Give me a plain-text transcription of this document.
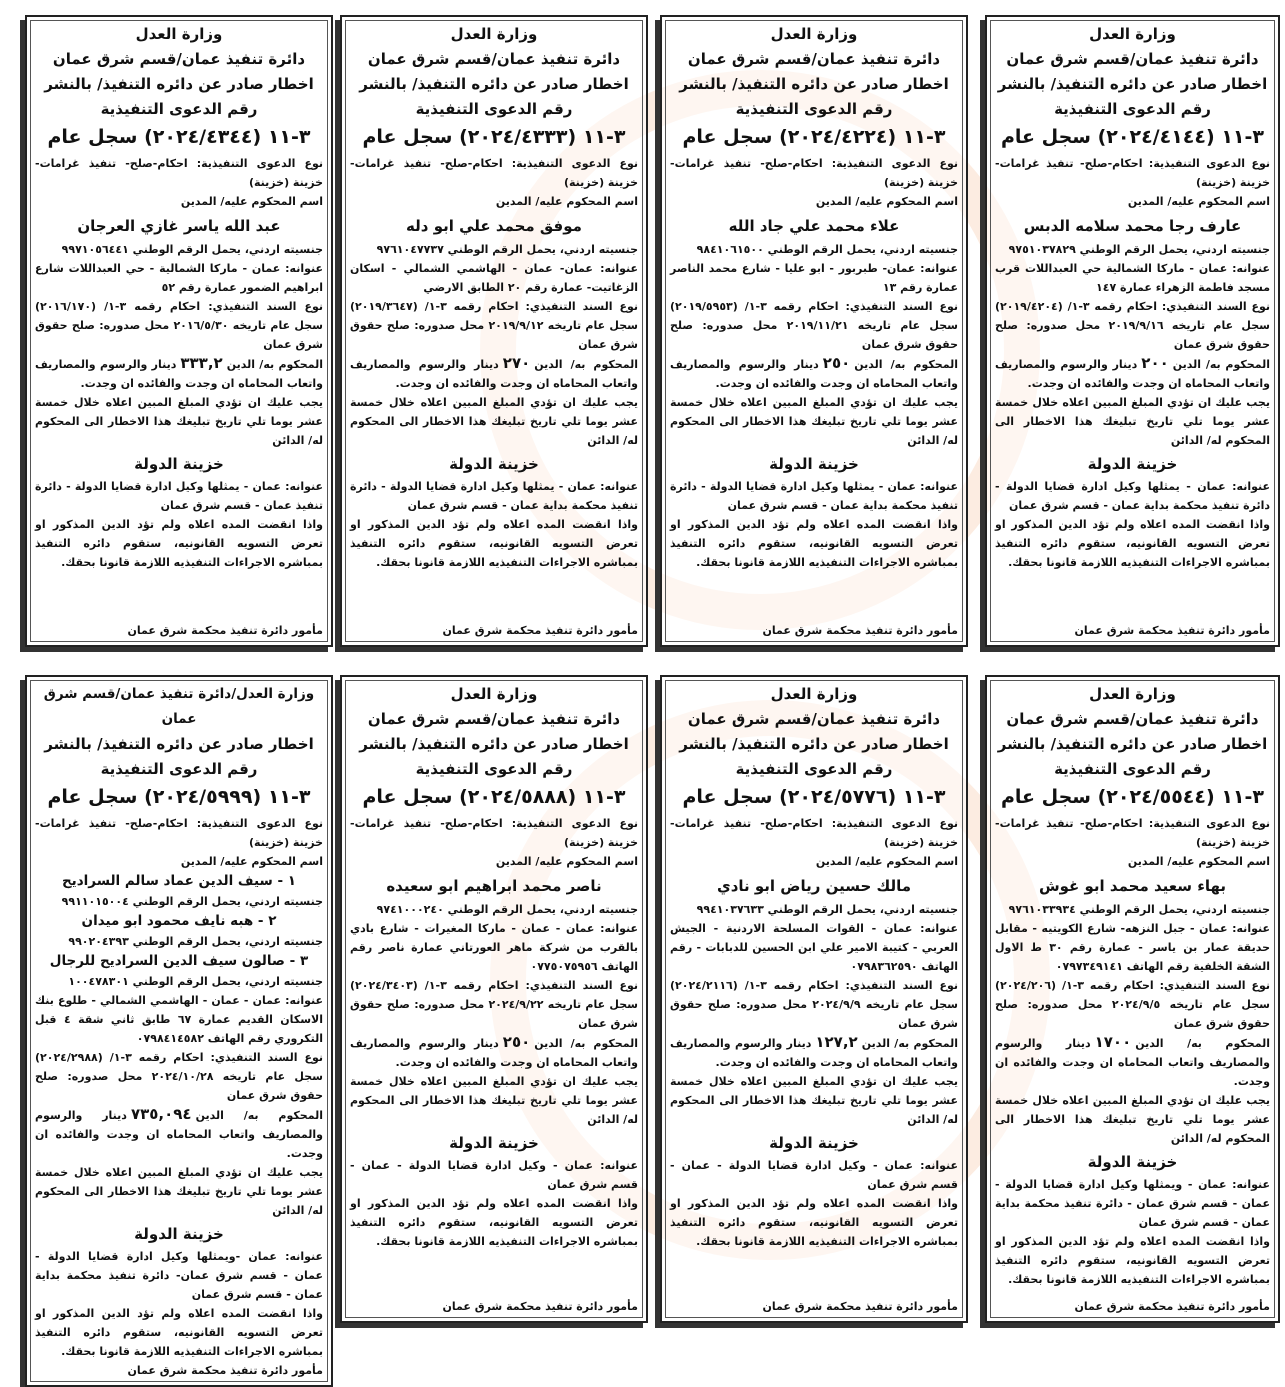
وزارة العدل
دائرة تنفيذ عمان/قسم شرق عمان
اخطار صادر عن دائره التنفيذ/ بالنشر
رقم الدعوى التنفيذية
٣-١١ (٢٠٢٤/٤١٤٤) سجل عام
نوع الدعوى التنفيذية: احكام-صلح- تنفيذ غرامات- خزينة (خزينة)
اسم المحكوم عليه/ المدين
عارف رجا محمد سلامه الدبس
جنسيته اردني، يحمل الرقم الوطني ٩٧٥١٠٣٧٨٢٩
عنوانه: عمان - ماركا الشمالية حي العبداللات قرب مسجد فاطمة الزهراء عمارة ١٤٧
نوع السند التنفيذي: احكام رقمه ٣-١/ (٢٠١٩/٤٢٠٤) سجل عام تاريخه ٢٠١٩/٩/١٦ محل صدوره: صلح حقوق شرق عمان
المحكوم به/ الدين٢٠٠دينار والرسوم والمصاريف واتعاب المحاماه ان وجدت والفائده ان وجدت.
يجب عليك ان تؤدي المبلغ المبين اعلاه خلال خمسة عشر يوما تلي تاريخ تبليغك هذا الاخطار الى المحكوم له/ الدائن
خزينة الدولة
عنوانه: عمان - يمثلها وكيل ادارة قضايا الدولة - دائرة تنفيذ محكمة بداية عمان - قسم شرق عمان
واذا انقضت المده اعلاه ولم تؤد الدين المذكور او تعرض التسويه القانونيه، ستقوم دائره التنفيذ بمباشره الاجراءات التنفيذيه اللازمة قانونا بحقك.
مأمور دائرة تنفيذ محكمة شرق عمان
وزارة العدل
دائرة تنفيذ عمان/قسم شرق عمان
اخطار صادر عن دائره التنفيذ/ بالنشر
رقم الدعوى التنفيذية
٣-١١ (٢٠٢٤/٤٢٢٤) سجل عام
نوع الدعوى التنفيذية: احكام-صلح- تنفيذ غرامات- خزينة (خزينة)
اسم المحكوم عليه/ المدين
علاء محمد علي جاد الله
جنسيته اردني، يحمل الرقم الوطني ٩٨٤١٠٦١٥٠٠
عنوانه: عمان- طبربور - ابو عليا - شارع محمد الناصر عمارة رقم ١٣
نوع السند التنفيذي: احكام رقمه ٣-١/ (٢٠١٩/٥٩٥٣) سجل عام تاريخه ٢٠١٩/١١/٢١ محل صدوره: صلح حقوق شرق عمان
المحكوم به/ الدين٢٥٠دينار والرسوم والمصاريف واتعاب المحاماه ان وجدت والفائده ان وجدت.
يجب عليك ان تؤدي المبلغ المبين اعلاه خلال خمسة عشر يوما تلي تاريخ تبليغك هذا الاخطار الى المحكوم له/ الدائن
خزينة الدولة
عنوانه: عمان - يمثلها وكيل ادارة قضايا الدولة - دائرة تنفيذ محكمة بداية عمان - قسم شرق عمان
واذا انقضت المده اعلاه ولم تؤد الدين المذكور او تعرض التسويه القانونيه، ستقوم دائره التنفيذ بمباشره الاجراءات التنفيذيه اللازمة قانونا بحقك.
مأمور دائرة تنفيذ محكمة شرق عمان
وزارة العدل
دائرة تنفيذ عمان/قسم شرق عمان
اخطار صادر عن دائره التنفيذ/ بالنشر
رقم الدعوى التنفيذية
٣-١١ (٢٠٢٤/٤٣٣٣) سجل عام
نوع الدعوى التنفيذية: احكام-صلح- تنفيذ غرامات- خزينة (خزينة)
اسم المحكوم عليه/ المدين
موفق محمد علي ابو دله
جنسيته اردني، يحمل الرقم الوطني ٩٧٦١٠٤٧٧٣٧
عنوانه: عمان- عمان - الهاشمي الشمالي - اسكان الزغاتيت- عمارة رقم ٢٠ الطابق الارضي
نوع السند التنفيذي: احكام رقمه ٣-١/ (٢٠١٩/٣٦٤٧) سجل عام تاريخه ٢٠١٩/٩/١٢ محل صدوره: صلح حقوق شرق عمان
المحكوم به/ الدين٢٧٠دينار والرسوم والمصاريف واتعاب المحاماه ان وجدت والفائده ان وجدت.
يجب عليك ان تؤدي المبلغ المبين اعلاه خلال خمسة عشر يوما تلي تاريخ تبليغك هذا الاخطار الى المحكوم له/ الدائن
خزينة الدولة
عنوانه: عمان - يمثلها وكيل ادارة قضايا الدولة - دائرة تنفيذ محكمة بداية عمان - قسم شرق عمان
واذا انقضت المده اعلاه ولم تؤد الدين المذكور او تعرض التسويه القانونيه، ستقوم دائره التنفيذ بمباشره الاجراءات التنفيذيه اللازمة قانونا بحقك.
مأمور دائرة تنفيذ محكمة شرق عمان
وزارة العدل
دائرة تنفيذ عمان/قسم شرق عمان
اخطار صادر عن دائره التنفيذ/ بالنشر
رقم الدعوى التنفيذية
٣-١١ (٢٠٢٤/٤٣٤٤) سجل عام
نوع الدعوى التنفيذية: احكام-صلح- تنفيذ غرامات- خزينة (خزينة)
اسم المحكوم عليه/ المدين
عبد الله ياسر غازي العرجان
جنسيته اردني، يحمل الرقم الوطني ٩٩٧١٠٥٦٤٤١
عنوانه: عمان - ماركا الشمالية - حي العبداللات شارع ابراهيم الضمور عمارة رقم ٥٢
نوع السند التنفيذي: احكام رقمه ٣-١/ (٢٠١٦/١٧٠) سجل عام تاريخه ٢٠١٦/٥/٣٠ محل صدوره: صلح حقوق شرق عمان
المحكوم به/ الدين٣٣٣,٢دينار والرسوم والمصاريف واتعاب المحاماه ان وجدت والفائده ان وجدت.
يجب عليك ان تؤدي المبلغ المبين اعلاه خلال خمسة عشر يوما تلي تاريخ تبليغك هذا الاخطار الى المحكوم له/ الدائن
خزينة الدولة
عنوانه: عمان - يمثلها وكيل ادارة قضايا الدولة - دائرة تنفيذ عمان - قسم شرق عمان
واذا انقضت المده اعلاه ولم تؤد الدين المذكور او تعرض التسويه القانونيه، ستقوم دائره التنفيذ بمباشره الاجراءات التنفيذيه اللازمة قانونا بحقك.
مأمور دائرة تنفيذ محكمة شرق عمان
وزارة العدل
دائرة تنفيذ عمان/قسم شرق عمان
اخطار صادر عن دائره التنفيذ/ بالنشر
رقم الدعوى التنفيذية
٣-١١ (٢٠٢٤/٥٥٤٤) سجل عام
نوع الدعوى التنفيذية: احكام-صلح- تنفيذ غرامات- خزينة (خزينة)
اسم المحكوم عليه/ المدين
بهاء سعيد محمد ابو غوش
جنسيته اردني، يحمل الرقم الوطني ٩٧٦١٠٣٣٩٣٤
عنوانه: عمان - جبل النزهه- شارع الكويتيه - مقابل حديقة عمار بن ياسر - عمارة رقم ٣٠ ط الاول الشقة الخلفية رقم الهاتف ٠٧٩٧٣٤٩١٤١
نوع السند التنفيذي: احكام رقمه ٣-١/ (٢٠٢٤/٢٠٦) سجل عام تاريخه ٢٠٢٤/٩/٥ محل صدوره: صلح حقوق شرق عمان
المحكوم به/ الدين١٧٠٠دينار والرسوم والمصاريف واتعاب المحاماه ان وجدت والفائده ان وجدت.
يجب عليك ان تؤدي المبلغ المبين اعلاه خلال خمسة عشر يوما تلي تاريخ تبليغك هذا الاخطار الى المحكوم له/ الدائن
خزينة الدولة
عنوانه: عمان - ويمثلها وكيل ادارة قضايا الدولة - عمان - قسم شرق عمان - دائرة تنفيذ محكمة بداية عمان - قسم شرق عمان
واذا انقضت المده اعلاه ولم تؤد الدين المذكور او تعرض التسويه القانونيه، ستقوم دائره التنفيذ بمباشره الاجراءات التنفيذيه اللازمة قانونا بحقك.
مأمور دائرة تنفيذ محكمة شرق عمان
وزارة العدل
دائرة تنفيذ عمان/قسم شرق عمان
اخطار صادر عن دائره التنفيذ/ بالنشر
رقم الدعوى التنفيذية
٣-١١ (٢٠٢٤/٥٧٧٦) سجل عام
نوع الدعوى التنفيذية: احكام-صلح- تنفيذ غرامات- خزينة (خزينة)
اسم المحكوم عليه/ المدين
مالك حسين رياض ابو نادي
جنسيته اردني، يحمل الرقم الوطني ٩٩٤١٠٣٧٦٣٣
عنوانه: عمان - القوات المسلحة الاردنية - الجيش العربي - كتيبة الامير علي ابن الحسين للدبابات - رقم الهاتف ٠٧٩٨٣٦٢٥٩٠
نوع السند التنفيذي: احكام رقمه ٣-١/ (٢٠٢٤/٢١١٦) سجل عام تاريخه ٢٠٢٤/٩/٩ محل صدوره: صلح حقوق شرق عمان
المحكوم به/ الدين١٢٧,٢دينار والرسوم والمصاريف واتعاب المحاماه ان وجدت والفائده ان وجدت.
يجب عليك ان تؤدي المبلغ المبين اعلاه خلال خمسة عشر يوما تلي تاريخ تبليغك هذا الاخطار الى المحكوم له/ الدائن
خزينة الدولة
عنوانه: عمان - وكيل ادارة قضايا الدولة - عمان - قسم شرق عمان
واذا انقضت المده اعلاه ولم تؤد الدين المذكور او تعرض التسويه القانونيه، ستقوم دائره التنفيذ بمباشره الاجراءات التنفيذيه اللازمة قانونا بحقك.
مأمور دائرة تنفيذ محكمة شرق عمان
وزارة العدل
دائرة تنفيذ عمان/قسم شرق عمان
اخطار صادر عن دائره التنفيذ/ بالنشر
رقم الدعوى التنفيذية
٣-١١ (٢٠٢٤/٥٨٨٨) سجل عام
نوع الدعوى التنفيذية: احكام-صلح- تنفيذ غرامات- خزينة (خزينة)
اسم المحكوم عليه/ المدين
ناصر محمد ابراهيم ابو سعيده
جنسيته اردني، يحمل الرقم الوطني ٩٧٤١٠٠٠٢٤٠
عنوانه: عمان - عمان - ماركا المغيرات - شارع بادي بالقرب من شركة ماهر العورتاني عمارة ناصر رقم الهاتف ٠٧٧٥٠٧٥٩٥٦
نوع السند التنفيذي: احكام رقمه ٣-١/ (٢٠٢٤/٣٤٠٣) سجل عام تاريخه ٢٠٢٤/٩/٢٢ محل صدوره: صلح حقوق شرق عمان
المحكوم به/ الدين٢٥٠دينار والرسوم والمصاريف واتعاب المحاماه ان وجدت والفائده ان وجدت.
يجب عليك ان تؤدي المبلغ المبين اعلاه خلال خمسة عشر يوما تلي تاريخ تبليغك هذا الاخطار الى المحكوم له/ الدائن
خزينة الدولة
عنوانه: عمان - وكيل ادارة قضايا الدولة - عمان - قسم شرق عمان
واذا انقضت المده اعلاه ولم تؤد الدين المذكور او تعرض التسويه القانونيه، ستقوم دائره التنفيذ بمباشره الاجراءات التنفيذيه اللازمة قانونا بحقك.
مأمور دائرة تنفيذ محكمة شرق عمان
وزارة العدل/دائرة تنفيذ عمان/قسم شرق عمان
اخطار صادر عن دائره التنفيذ/ بالنشر
رقم الدعوى التنفيذية
٣-١١ (٢٠٢٤/٥٩٩٩) سجل عام
نوع الدعوى التنفيذية: احكام-صلح- تنفيذ غرامات- خزينة (خزينة)
اسم المحكوم عليه/ المدين
١ - سيف الدين عماد سالم السراديح
جنسيته اردني، يحمل الرقم الوطني ٩٩١١٠١٥٠٠٤
٢ - هبه نايف محمود ابو ميدان
جنسيته اردني، يحمل الرقم الوطني ٩٩٠٢٠٤٣٩٣
٣ - صالون سيف الدين السراديح للرجال
جنسيته اردني، يحمل الرقم الوطني ١٠٠٤٧٨٣٠١
عنوانه: عمان - عمان - الهاشمي الشمالي - طلوع بنك الاسكان القديم عمارة ٦٧ طابق ثاني شقة ٤ قبل التكروري رقم الهاتف ٠٧٩٨٤١٤٥٨٢
نوع السند التنفيذي: احكام رقمه ٣-١/ (٢٠٢٤/٢٩٨٨) سجل عام تاريخه ٢٠٢٤/١٠/٢٨ محل صدوره: صلح حقوق شرق عمان
المحكوم به/ الدين٧٣٥,٠٩٤دينار والرسوم والمصاريف واتعاب المحاماه ان وجدت والفائده ان وجدت.
يجب عليك ان تؤدي المبلغ المبين اعلاه خلال خمسة عشر يوما تلي تاريخ تبليغك هذا الاخطار الى المحكوم له/ الدائن
خزينة الدولة
عنوانه: عمان -ويمثلها وكيل ادارة قضايا الدولة - عمان - قسم شرق عمان- دائرة تنفيذ محكمة بداية عمان - قسم شرق عمان
واذا انقضت المده اعلاه ولم تؤد الدين المذكور او تعرض التسويه القانونيه، ستقوم دائره التنفيذ بمباشره الاجراءات التنفيذيه اللازمة قانونا بحقك.
مأمور دائرة تنفيذ محكمة شرق عمان
